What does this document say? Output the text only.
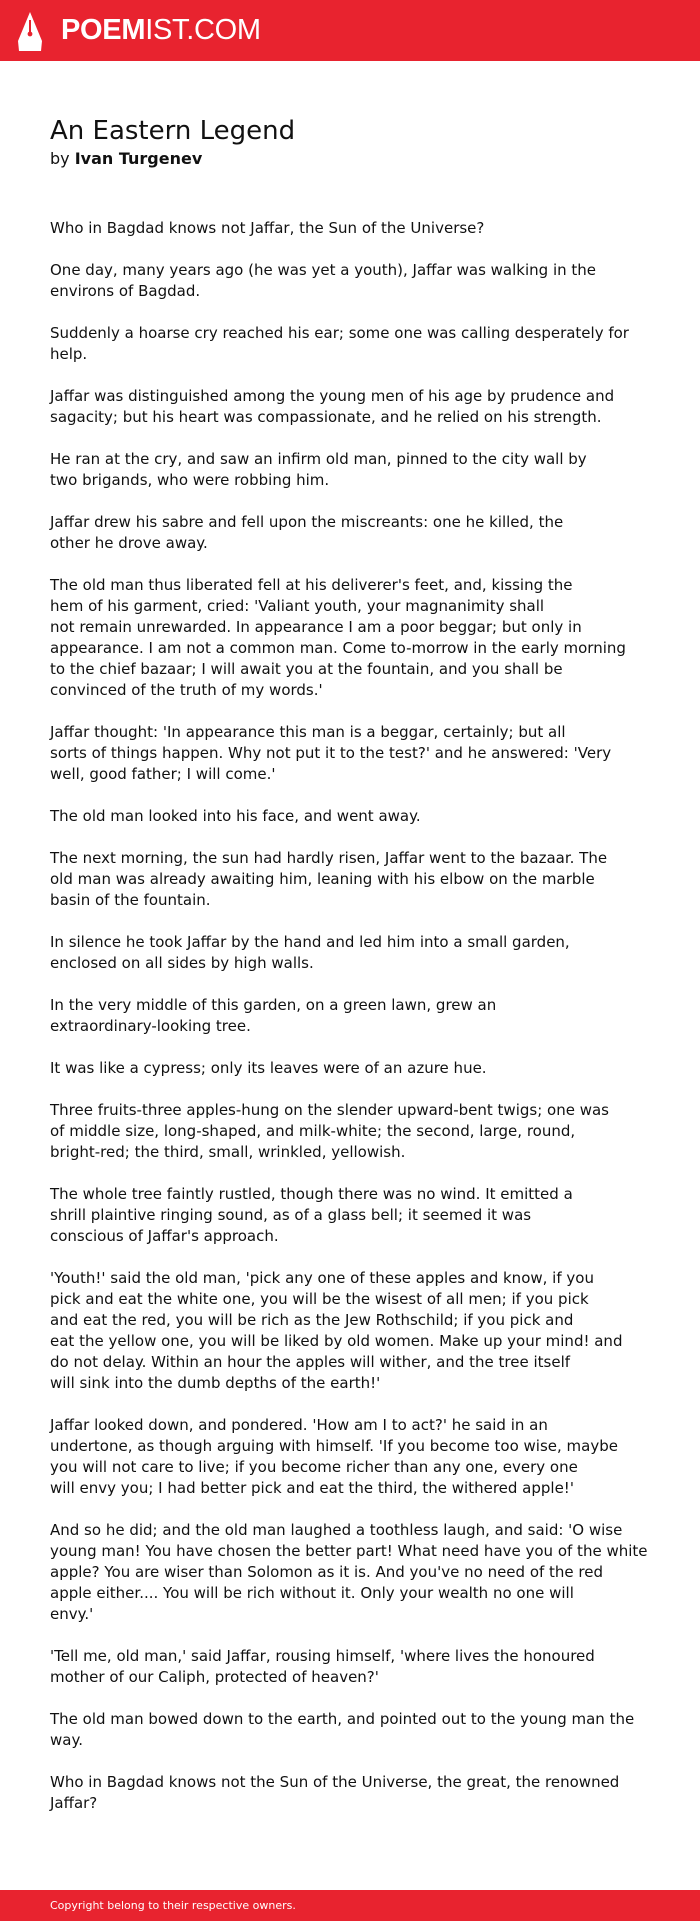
POEMIST.COM
An Eastern Legend
by Ivan Turgenev

Who in Bagdad knows not Jaffar, the Sun of the Universe?

One day, many years ago (he was yet a youth), Jaffar was walking in the
environs of Bagdad.

Suddenly a hoarse cry reached his ear; some one was calling desperately for
help.

Jaffar was distinguished among the young men of his age by prudence and
sagacity; but his heart was compassionate, and he relied on his strength.

He ran at the cry, and saw an infirm old man, pinned to the city wall by
two brigands, who were robbing him.

Jaffar drew his sabre and fell upon the miscreants: one he killed, the
other he drove away.

The old man thus liberated fell at his deliverer's feet, and, kissing the
hem of his garment, cried: 'Valiant youth, your magnanimity shall
not remain unrewarded. In appearance I am a poor beggar; but only in
appearance. I am not a common man. Come to-morrow in the early morning
to the chief bazaar; I will await you at the fountain, and you shall be
convinced of the truth of my words.'

Jaffar thought: 'In appearance this man is a beggar, certainly; but all
sorts of things happen. Why not put it to the test?' and he answered: 'Very
well, good father; I will come.'

The old man looked into his face, and went away.

The next morning, the sun had hardly risen, Jaffar went to the bazaar. The
old man was already awaiting him, leaning with his elbow on the marble
basin of the fountain.

In silence he took Jaffar by the hand and led him into a small garden,
enclosed on all sides by high walls.

In the very middle of this garden, on a green lawn, grew an
extraordinary-looking tree.

It was like a cypress; only its leaves were of an azure hue.

Three fruits-three apples-hung on the slender upward-bent twigs; one was
of middle size, long-shaped, and milk-white; the second, large, round,
bright-red; the third, small, wrinkled, yellowish.

The whole tree faintly rustled, though there was no wind. It emitted a
shrill plaintive ringing sound, as of a glass bell; it seemed it was
conscious of Jaffar's approach.

'Youth!' said the old man, 'pick any one of these apples and know, if you
pick and eat the white one, you will be the wisest of all men; if you pick
and eat the red, you will be rich as the Jew Rothschild; if you pick and
eat the yellow one, you will be liked by old women. Make up your mind! and
do not delay. Within an hour the apples will wither, and the tree itself
will sink into the dumb depths of the earth!'

Jaffar looked down, and pondered. 'How am I to act?' he said in an
undertone, as though arguing with himself. 'If you become too wise, maybe
you will not care to live; if you become richer than any one, every one
will envy you; I had better pick and eat the third, the withered apple!'

And so he did; and the old man laughed a toothless laugh, and said: 'O wise
young man! You have chosen the better part! What need have you of the white
apple? You are wiser than Solomon as it is. And you've no need of the red
apple either.... You will be rich without it. Only your wealth no one will
envy.'

'Tell me, old man,' said Jaffar, rousing himself, 'where lives the honoured
mother of our Caliph, protected of heaven?'

The old man bowed down to the earth, and pointed out to the young man the
way.

Who in Bagdad knows not the Sun of the Universe, the great, the renowned
Jaffar?

Copyright belong to their respective owners.
